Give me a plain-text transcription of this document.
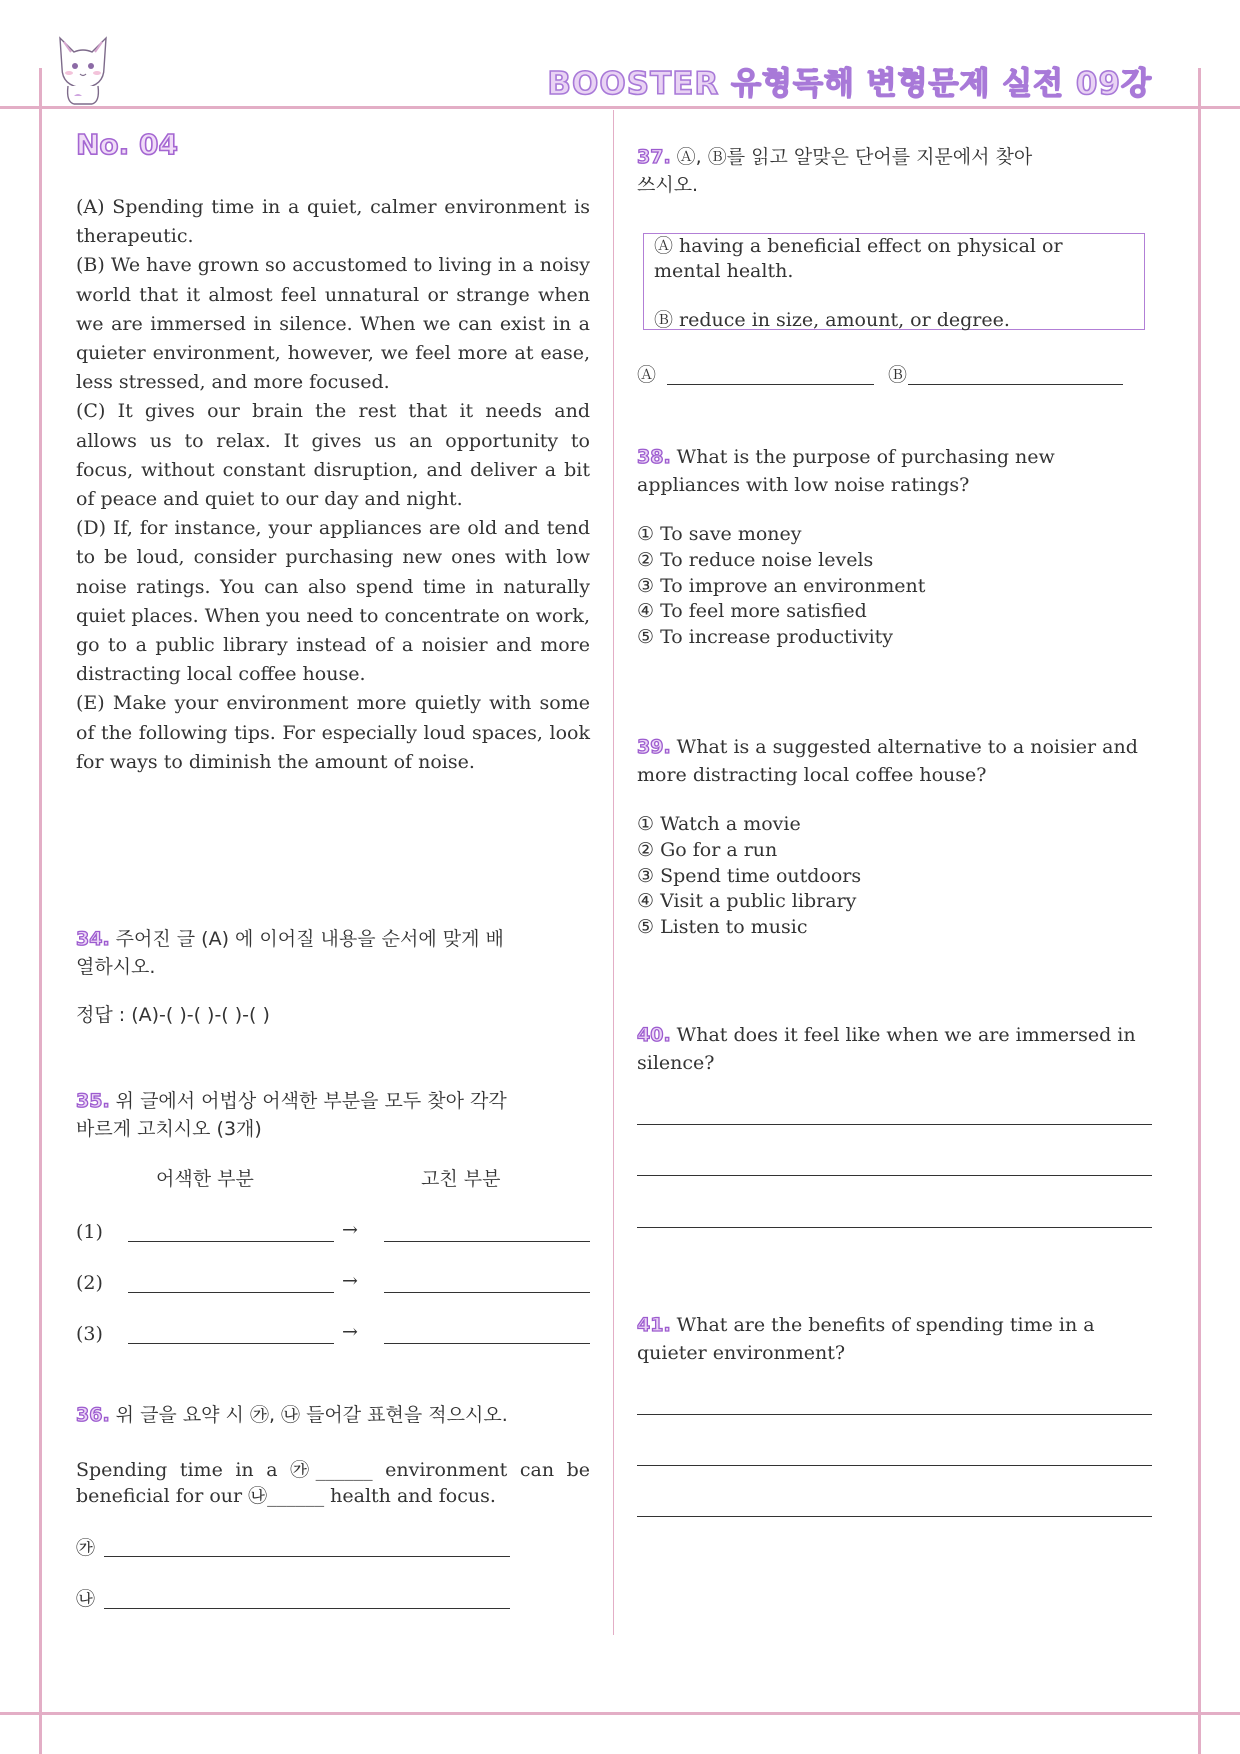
BOOSTER 유형독해 변형문제 실전 09강
No. 04

(A) Spending time in a quiet, calmer environment is therapeutic.

(B) We have grown so accustomed to living in a noisy world that it almost feel unnatural or strange when we are immersed in silence. When we can exist in a quieter environment, however, we feel more at ease, less stressed, and more focused.

(C) It gives our brain the rest that it needs and allows us to relax. It gives us an opportunity to focus, without constant disruption, and deliver a bit of peace and quiet to our day and night.

(D) If, for instance, your appliances are old and tend to be loud, consider purchasing new ones with low noise ratings. You can also spend time in naturally quiet places. When you need to concentrate on work, go to a public library instead of a noisier and more distracting local coffee house.

(E) Make your environment more quietly with some of the following tips. For especially loud spaces, look for ways to diminish the amount of noise.

34. 주어진 글 (A) 에 이어질 내용을 순서에 맞게 배
열하시오.
정답 : (A)-( )-( )-( )-( )
35. 위 글에서 어법상 어색한 부분을 모두 찾아 각각
바르게 고치시오 (3개)
어색한 부분	고친 부분
(1)	→
(2)	→
(3)	→
36. 위 글을 요약 시 ㉮, ㉯ 들어갈 표현을 적으시오.
Spending time in a ㉮______ environment can be
beneficial for our ㉯______ health and focus.
㉮
㉯
37. Ⓐ, Ⓑ를 읽고 알맞은 단어를 지문에서 찾아
쓰시오.
Ⓐ having a beneficial effect on physical or
mental health.
Ⓑ reduce in size, amount, or degree.
Ⓐ	Ⓑ
38. What is the purpose of purchasing new
appliances with low noise ratings?
① To save money
② To reduce noise levels
③ To improve an environment
④ To feel more satisfied
⑤ To increase productivity
39. What is a suggested alternative to a noisier and
more distracting local coffee house?
① Watch a movie
② Go for a run
③ Spend time outdoors
④ Visit a public library
⑤ Listen to music
40. What does it feel like when we are immersed in
silence?
41. What are the benefits of spending time in a
quieter environment?
